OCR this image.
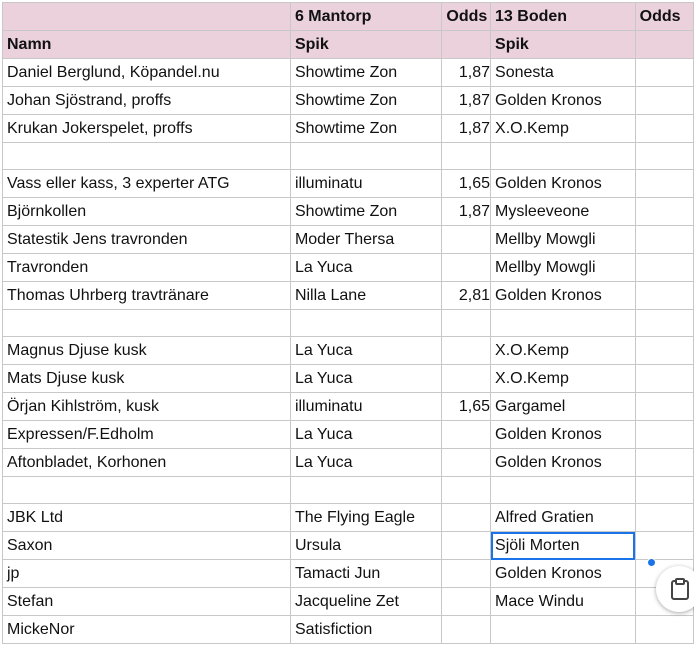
	6 Mantorp	Odds	13 Boden	Odds
Namn	Spik		Spik	
Daniel Berglund, Köpandel.nu	Showtime Zon	1,87	Sonesta	
Johan Sjöstrand, proffs	Showtime Zon	1,87	Golden Kronos	
Krukan Jokerspelet, proffs	Showtime Zon	1,87	X.O.Kemp	

Vass eller kass, 3 experter ATG	illuminatu	1,65	Golden Kronos	
Björnkollen	Showtime Zon	1,87	Mysleeveone	
Statestik Jens travronden	Moder Thersa		Mellby Mowgli	
Travronden	La Yuca		Mellby Mowgli	
Thomas Uhrberg travtränare	Nilla Lane	2,81	Golden Kronos	

Magnus Djuse kusk	La Yuca		X.O.Kemp	
Mats Djuse kusk	La Yuca		X.O.Kemp	
Örjan Kihlström, kusk	illuminatu	1,65	Gargamel	
Expressen/F.Edholm	La Yuca		Golden Kronos	
Aftonbladet, Korhonen	La Yuca		Golden Kronos	

JBK Ltd	The Flying Eagle		Alfred Gratien	
Saxon	Ursula		Sjöli Morten	
jp	Tamacti Jun		Golden Kronos	
Stefan	Jacqueline Zet		Mace Windu	
MickeNor	Satisfiction			
